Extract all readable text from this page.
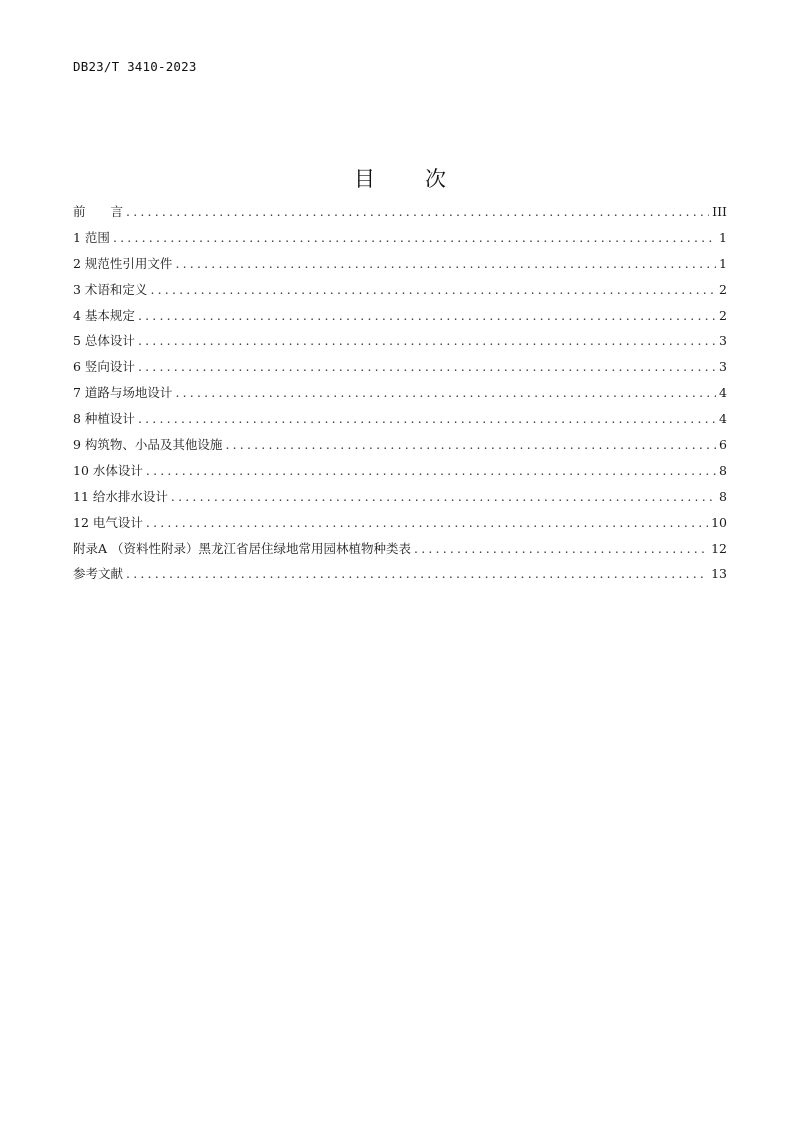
DB23/T 3410-2023
目 次
前　　言 .....	III
1 范围 .....	1
2 规范性引用文件 .....	1
3 术语和定义 .....	2
4 基本规定 .....	2
5 总体设计 .....	3
6 竖向设计 .....	3
7 道路与场地设计 .....	4
8 种植设计 .....	4
9 构筑物、小品及其他设施 .....	6
10 水体设计 .....	8
11 给水排水设计 .....	8
12 电气设计 .....	10
附录A （资料性附录）黑龙江省居住绿地常用园林植物种类表 .....	12
参考文献 .....	13
